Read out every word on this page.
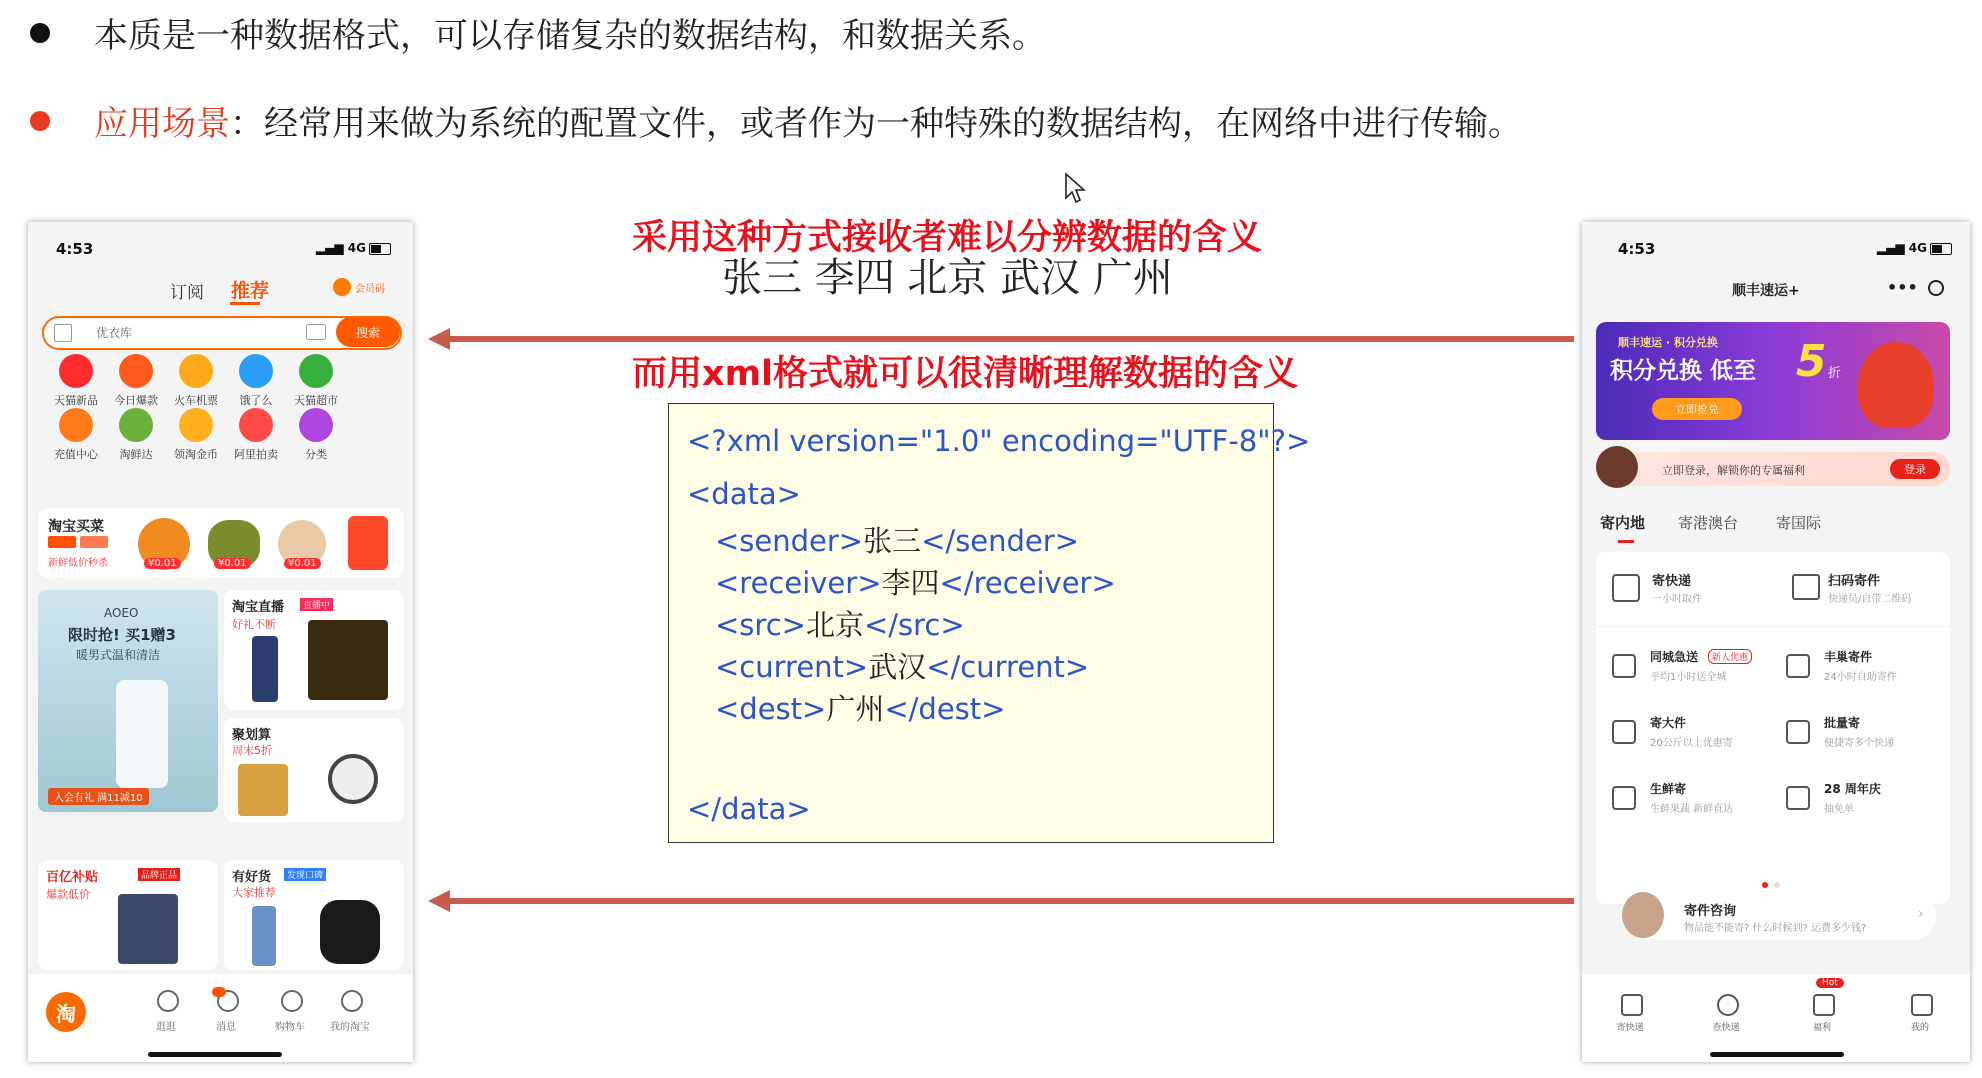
本质是一种数据格式，可以存储复杂的数据结构，和数据关系。
应用场景 ：经常用来做为系统的配置文件，或者作为一种特殊的数据结构，在网络中进行传输。
采用这种方式接收者难以分辨数据的含义
张三 李四 北京 武汉 广州
而用xml格式就可以很清晰理解数据的含义
<?xml version="1.0" encoding="UTF-8"?>
<data>
<sender>张三</sender>
<receiver>李四</receiver>
<src>北京</src>
<current>武汉</current>
<dest>广州</dest>
</data>
4:53	▂▄▆ 4G
订阅 推荐	会员码
优衣库	搜索
天猫新品	今日爆款	火车机票	饿了么	天猫超市
充值中心	淘鲜达	领淘金币	阿里拍卖	分类
淘宝买菜
新鲜低价秒杀	¥0.01	¥0.01	¥0.01
AOEO
限时抢! 买1赠3
暖男式温和清洁
入会有礼 满11减10
淘宝直播	直播中
好礼不断
聚划算
周末5折
百亿补贴	品牌正品
爆款低价
有好货	发现口碑
大家推荐
淘
逛逛	消息	购物车	我的淘宝
4:53	▂▄▆ 4G
顺丰速运+	•••
顺丰速运 · 积分兑换
积分兑换 低至 5 折
立即抢兑
立即登录，解锁你的专属福利	登录
寄内地 寄港澳台	寄国际
寄快递
一小时取件
扫码寄件
快递员/自带二维码
同城急送	新人优惠
平均1小时送全城
丰巢寄件
24小时自助寄件
寄大件
20公斤以上优惠寄
批量寄
便捷寄多个快递
生鲜寄
生鲜果蔬 新鲜直达
28 周年庆
抽免单
寄件咨询
物品能不能寄? 什么时候到? 运费多少钱?
›
寄快递	查快递	福利	我的
Hot
